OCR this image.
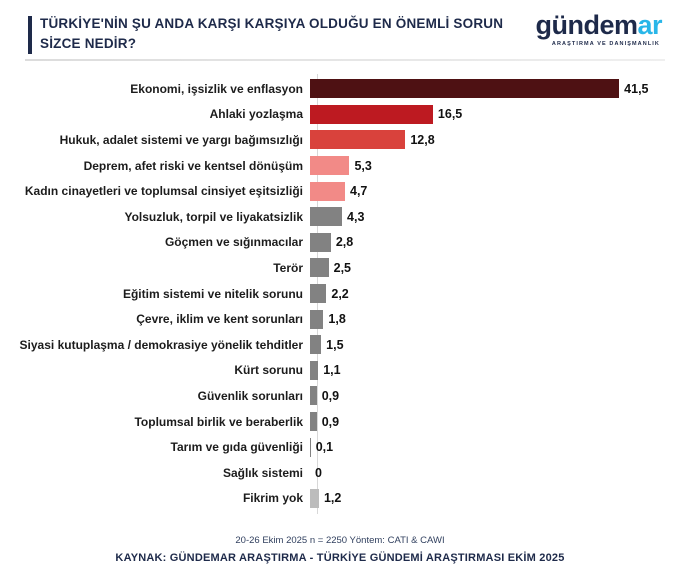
TÜRKİYE'NİN ŞU ANDA KARŞI KARŞIYA OLDUĞU EN ÖNEMLİ SORUN SİZCE NEDİR?
gündemar
ARAŞTIRMA VE DANIŞMANLIK
Ekonomi, işsizlik ve enflasyon	41,5
Ahlaki yozlaşma	16,5
Hukuk, adalet sistemi ve yargı bağımsızlığı	12,8
Deprem, afet riski ve kentsel dönüşüm	5,3
Kadın cinayetleri ve toplumsal cinsiyet eşitsizliği	4,7
Yolsuzluk, torpil ve liyakatsizlik	4,3
Göçmen ve sığınmacılar	2,8
Terör	2,5
Eğitim sistemi ve nitelik sorunu	2,2
Çevre, iklim ve kent sorunları	1,8
Siyasi kutuplaşma / demokrasiye yönelik tehditler	1,5
Kürt sorunu	1,1
Güvenlik sorunları	0,9
Toplumsal birlik ve beraberlik	0,9
Tarım ve gıda güvenliği	0,1
Sağlık sistemi 0
Fikrim yok	1,2
20-26 Ekim 2025 n = 2250 Yöntem: CATI & CAWI
KAYNAK: GÜNDEMAR ARAŞTIRMA - TÜRKİYE GÜNDEMİ ARAŞTIRMASI EKİM 2025
